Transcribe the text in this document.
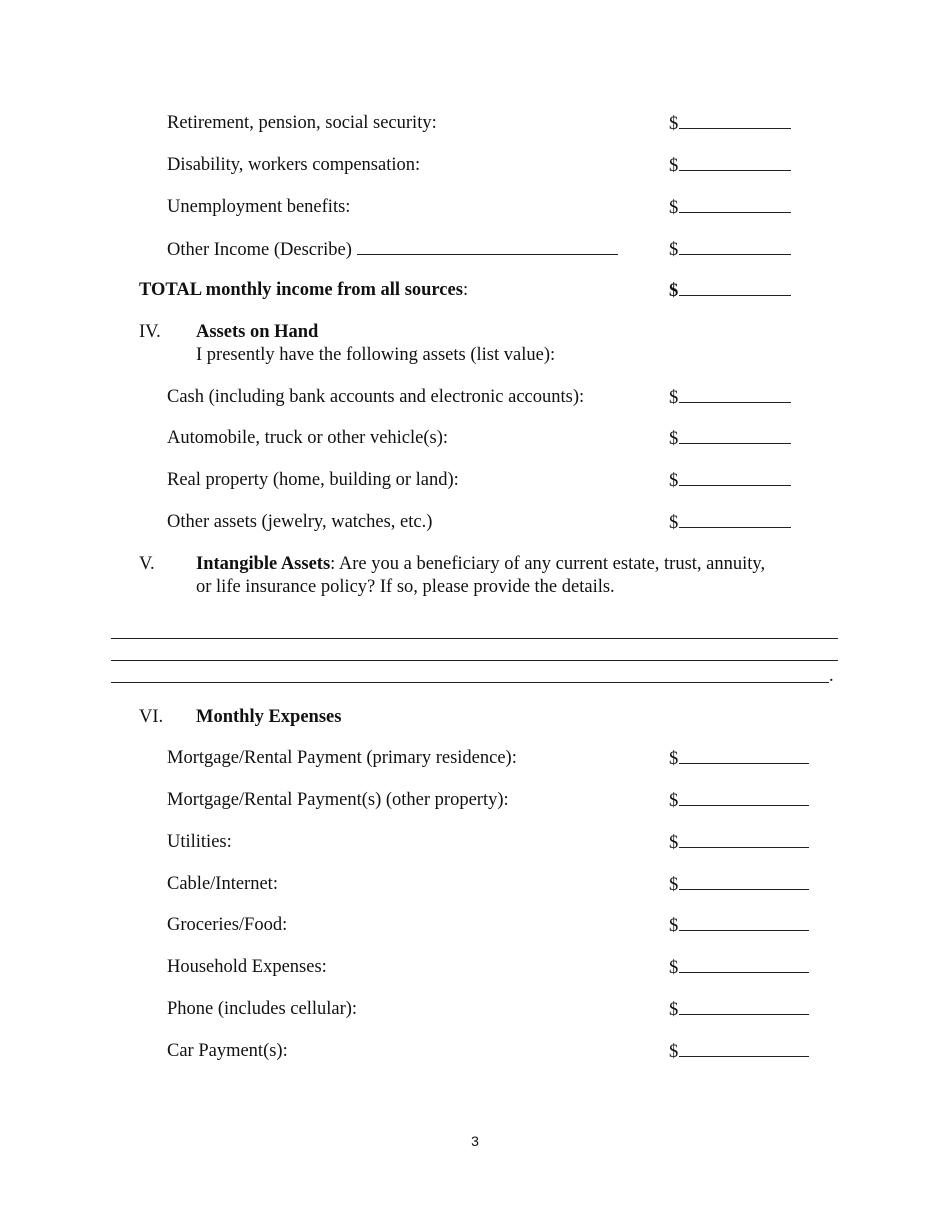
Retirement, pension, social security:	$
Disability, workers compensation:	$
Unemployment benefits:	$
Other Income (Describe)	$
TOTAL monthly income from all sources:	$
IV. Assets on Hand
I presently have the following assets (list value):
Cash (including bank accounts and electronic accounts):	$
Automobile, truck or other vehicle(s):	$
Real property (home, building or land):	$
Other assets (jewelry, watches, etc.)	$
V. Intangible Assets: Are you a beneficiary of any current estate, trust, annuity,
or life insurance policy? If so, please provide the details.
.
VI. Monthly Expenses
Mortgage/Rental Payment (primary residence):	$
Mortgage/Rental Payment(s) (other property):	$
Utilities:	$
Cable/Internet:	$
Groceries/Food:	$
Household Expenses:	$
Phone (includes cellular):	$
Car Payment(s):	$
3
